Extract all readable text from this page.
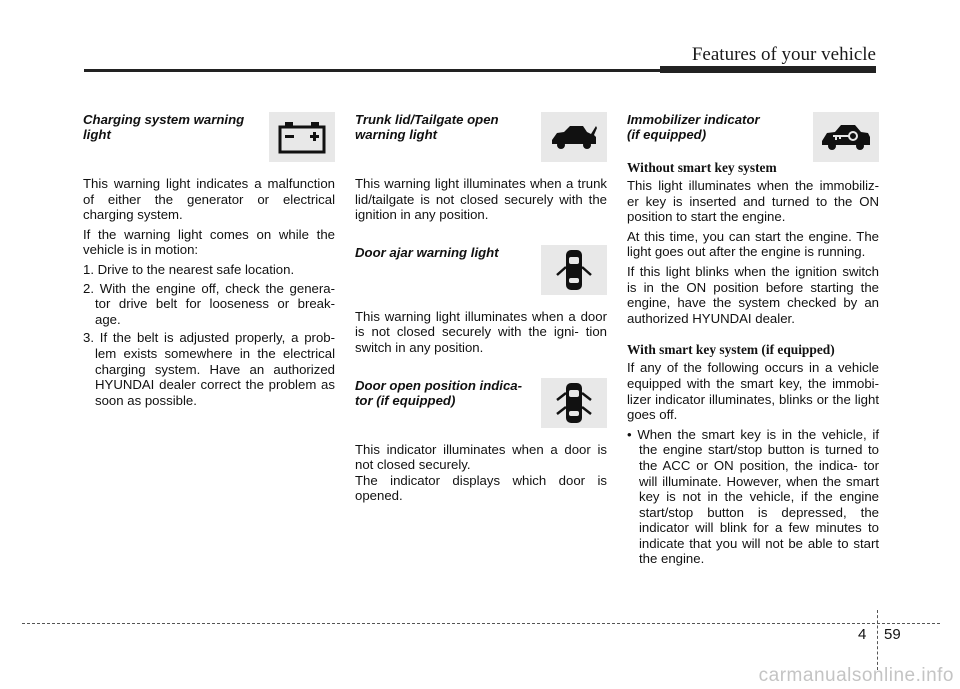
Features of your vehicle
Charging system warning
light

This warning light indicates a malfunction of either the generator or electrical charging system.

If the warning light comes on while the vehicle is in motion:

1. Drive to the nearest safe location.
2. With the engine off, check the genera- tor drive belt for looseness or break- age.
3. If the belt is adjusted properly, a prob- lem exists somewhere in the electrical charging system. Have an authorized HYUNDAI dealer correct the problem as soon as possible.
Trunk lid/Tailgate open
warning light

This warning light illuminates when a trunk lid/tailgate is not closed securely with the ignition in any position.

Door ajar warning light

This warning light illuminates when a door is not closed securely with the igni- tion switch in any position.

Door open position indica-
tor (if equipped)

This indicator illuminates when a door is not closed securely.

The indicator displays which door is opened.

Immobilizer indicator
(if equipped)
Without smart key system

This light illuminates when the immobiliz- er key is inserted and turned to the ON position to start the engine.

At this time, you can start the engine. The light goes out after the engine is running.

If this light blinks when the ignition switch is in the ON position before starting the engine, have the system checked by an authorized HYUNDAI dealer.

With smart key system (if equipped)

If any of the following occurs in a vehicle equipped with the smart key, the immobi- lizer indicator illuminates, blinks or the light goes off.

• When the smart key is in the vehicle, if the engine start/stop button is turned to the ACC or ON position, the indica- tor will illuminate. However, when the smart key is not in the vehicle, if the engine start/stop button is depressed, the indicator will blink for a few minutes to indicate that you will not be able to start the engine.
4 59
carmanualsonline.info
